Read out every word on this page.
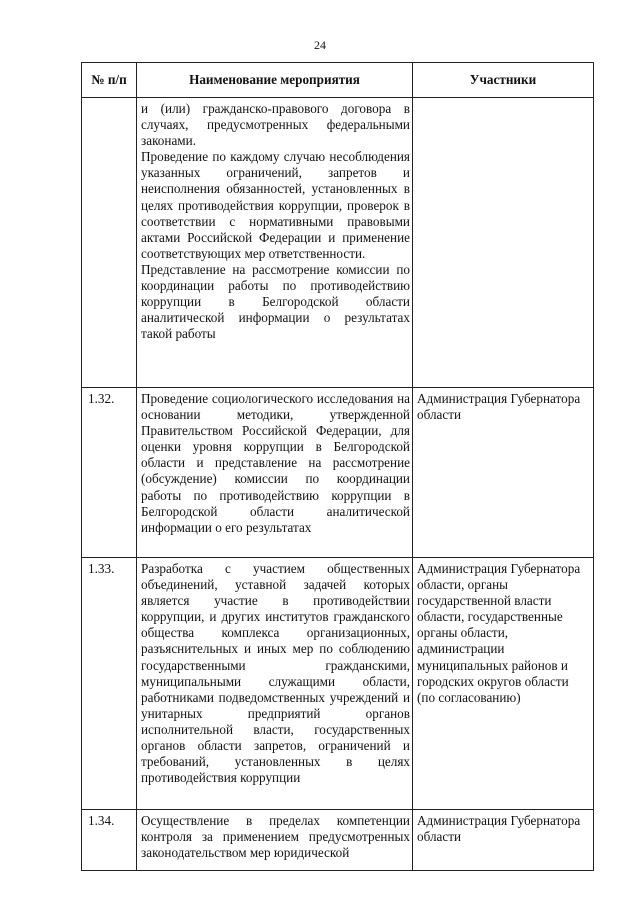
24
№ п/п	Наименование мероприятия	Участники

	и (или) гражданско-правового договора в случаях, предусмотренных федеральными законами.
Проведение по каждому случаю несоблюдения указанных ограничений, запретов и неисполнения обязанностей, установленных в целях противодействия коррупции, проверок в соответствии с нормативными правовыми актами Российской Федерации и применение соответствующих мер ответственности.
Представление на рассмотрение комиссии по координации работы по противодействию коррупции в Белгородской области аналитической информации о результатах такой работы	

1.32.	Проведение социологического исследования на основании методики, утвержденной Правительством Российской Федерации, для оценки уровня коррупции в Белгородской области и представление на рассмотрение (обсуждение) комиссии по координации работы по противодействию коррупции в Белгородской области аналитической информации о его результатах	Администрация Губернатора области
1.33.	Разработка с участием общественных объединений, уставной задачей которых является участие в противодействии коррупции, и других институтов гражданского общества комплекса организационных, разъяснительных и иных мер по соблюдению государственными гражданскими, муниципальными служащими области, работниками подведомственных учреждений и унитарных предприятий органов исполнительной власти, государственных органов области запретов, ограничений и требований, установленных в целях противодействия коррупции	Администрация Губернатора области, органы государственной власти области, государственные органы области, администрации муниципальных районов и городских округов области (по согласованию)
1.34.	Осуществление в пределах компетенции контроля за применением предусмотренных законодательством мер юридической	Администрация Губернатора области
